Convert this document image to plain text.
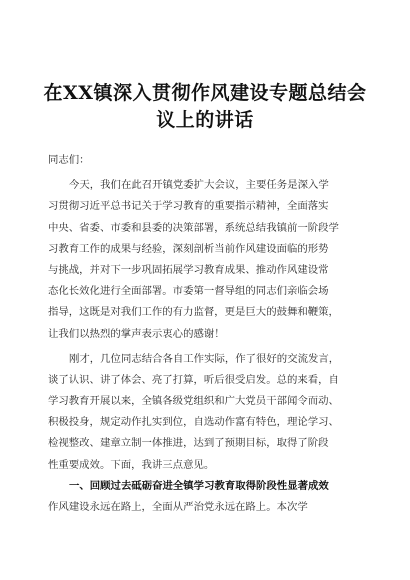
在XX镇深入贯彻作风建设专题总结会
议上的讲话
同志们：
今天，我们在此召开镇党委扩大会议，主要任务是深入学
习贯彻习近平总书记关于学习教育的重要指示精神，全面落实
中央、省委、市委和县委的决策部署，系统总结我镇前一阶段学
习教育工作的成果与经验，深刻剖析当前作风建设面临的形势
与挑战，并对下一步巩固拓展学习教育成果、推动作风建设常
态化长效化进行全面部署。市委第一督导组的同志们亲临会场
指导，这既是对我们工作的有力监督，更是巨大的鼓舞和鞭策，
让我们以热烈的掌声表示衷心的感谢！
刚才，几位同志结合各自工作实际，作了很好的交流发言，
谈了认识、讲了体会、亮了打算，听后很受启发。总的来看，自
学习教育开展以来，全镇各级党组织和广大党员干部闻令而动、
积极投身，规定动作扎实到位，自选动作富有特色，理论学习、
检视整改、建章立制一体推进，达到了预期目标，取得了阶段
性重要成效。下面，我讲三点意见。
一、回顾过去砥砺奋进全镇学习教育取得阶段性显著成效
作风建设永远在路上，全面从严治党永远在路上。本次学
